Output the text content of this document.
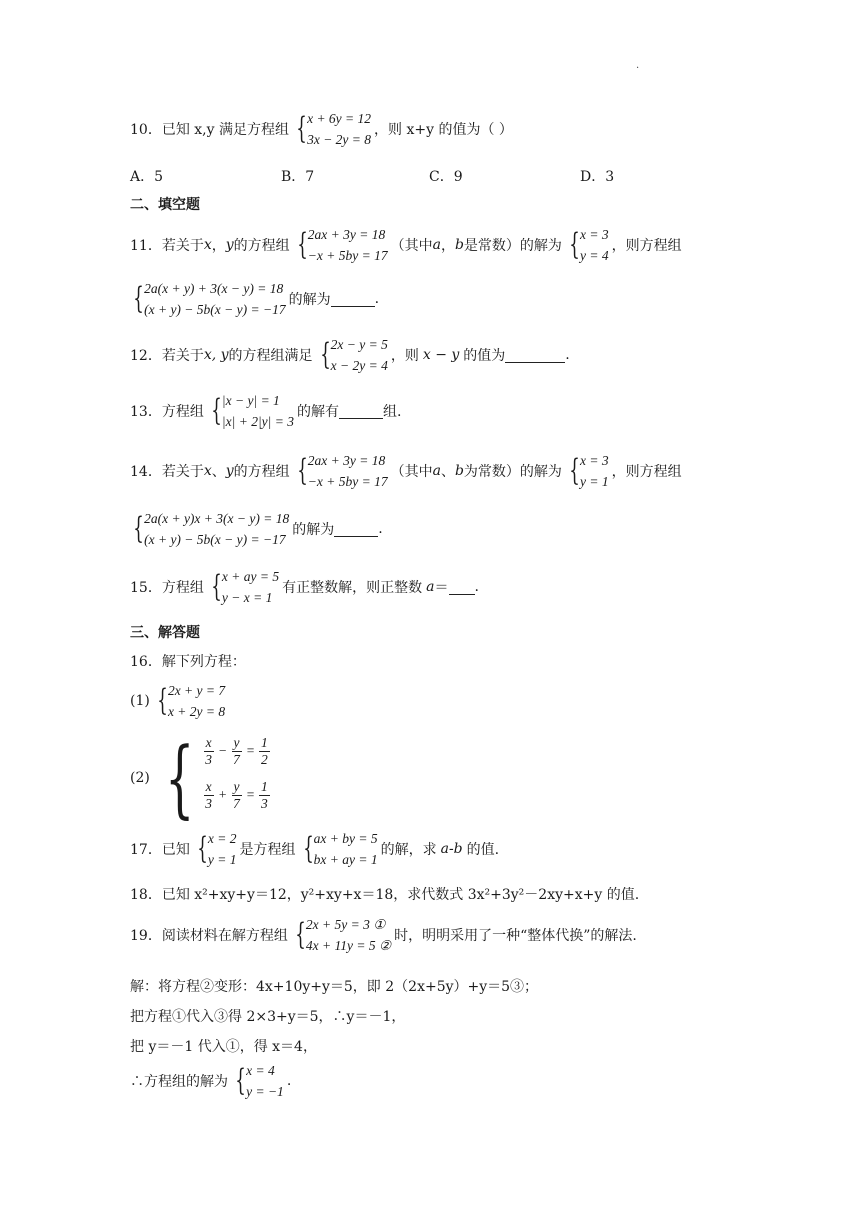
.
10．已知 x,y 满足方程组 { x + 6y = 12
3x − 2y = 8
，则 x+y 的值为（ ）
A．5	B．7	C．9	D．3
二、填空题
11．若关于 x ， y 的方程组 { 2ax + 3y = 18
−x + 5by = 17
（其中 a ， b 是常数）的解为 { x = 3
y = 4
，则方程组
{ 2a(x + y) + 3(x − y) = 18
(x + y) − 5b(x − y) = −17
的解为	.
12．若关于 x, y 的方程组满足 { 2x − y = 5
x − 2y = 4
，则 x − y 的值为	.
13．方程组 { |x − y| = 1
|x| + 2|y| = 3
的解有	组.
14．若关于 x 、 y 的方程组 { 2ax + 3y = 18
−x + 5by = 17
（其中 a 、 b 为常数）的解为 { x = 3
y = 1
，则方程组
{ 2a(x + y)x + 3(x − y) = 18
(x + y) − 5b(x − y) = −17
的解为	.
15．方程组 { x + ay = 5
y − x = 1
有正整数解，则正整数 a ＝ .
三、解答题
16．解下列方程：
(1) { 2x + y = 7
x + 2y = 8
(2) { $\frac{x}{3} - \frac{y}{7} = \frac{1}{2}$
$\frac{x}{3} + \frac{y}{7} = \frac{1}{3}$
17．已知 { x = 2
y = 1
是方程组 { ax + by = 5
bx + ay = 1
的解，求 a-b 的值.
18．已知 x²+xy+y＝12，y²+xy+x＝18，求代数式 3x²+3y²－2xy+x+y 的值.
19．阅读材料在解方程组 { 2x + 5y = 3 ①
4x + 11y = 5 ②
时，明明采用了一种“整体代换”的解法.
解：将方程②变形：4x+10y+y＝5，即 2（2x+5y）+y＝5③；
把方程①代入③得 2×3+y＝5，∴y＝－1，
把 y＝－1 代入①，得 x＝4，
∴方程组的解为 { x = 4
y = −1
.
